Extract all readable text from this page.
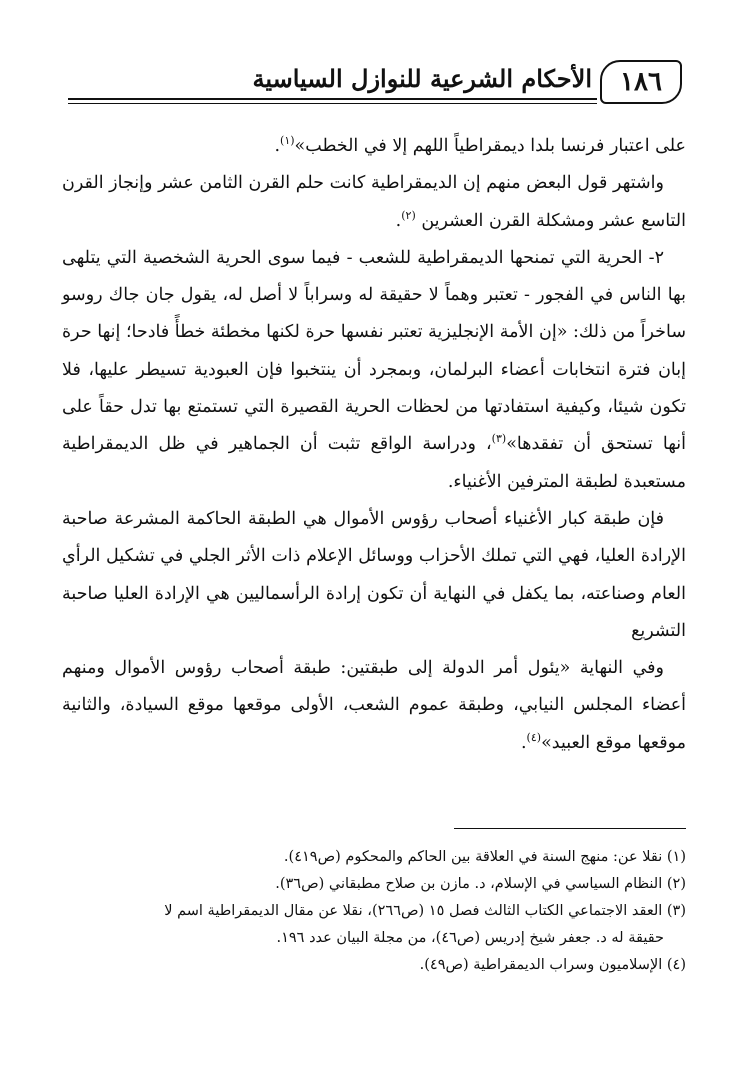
الأحكام الشرعية للنوازل السياسية ١٨٦

على اعتبار فرنسا بلدا ديمقراطياً اللهم إلا في الخطب»$^{(١)}$.

واشتهر قول البعض منهم إن الديمقراطية كانت حلم القرن الثامن عشر وإنجاز القرن التاسع عشر ومشكلة القرن العشرين $^{(٢)}$.

٢- الحرية التي تمنحها الديمقراطية للشعب - فيما سوى الحرية الشخصية التي يتلهى بها الناس في الفجور - تعتبر وهماً لا حقيقة له وسراباً لا أصل له، يقول جان جاك روسو ساخراً من ذلك: «إن الأمة الإنجليزية تعتبر نفسها حرة لكنها مخطئة خطأً فادحا؛ إنها حرة إبان فترة انتخابات أعضاء البرلمان، وبمجرد أن ينتخبوا فإن العبودية تسيطر عليها، فلا تكون شيئا، وكيفية استفادتها من لحظات الحرية القصيرة التي تستمتع بها تدل حقاً على أنها تستحق أن تفقدها»$^{(٣)}$، ودراسة الواقع تثبت أن الجماهير في ظل الديمقراطية مستعبدة لطبقة المترفين الأغنياء.

فإن طبقة كبار الأغنياء أصحاب رؤوس الأموال هي الطبقة الحاكمة المشرعة صاحبة الإرادة العليا، فهي التي تملك الأحزاب ووسائل الإعلام ذات الأثر الجلي في تشكيل الرأي العام وصناعته، بما يكفل في النهاية أن تكون إرادة الرأسماليين هي الإرادة العليا صاحبة التشريع

وفي النهاية «يئول أمر الدولة إلى طبقتين: طبقة أصحاب رؤوس الأموال ومنهم أعضاء المجلس النيابي، وطبقة عموم الشعب، الأولى موقعها موقع السيادة، والثانية موقعها موقع العبيد»$^{(٤)}$.

(١) نقلا عن: منهج السنة في العلاقة بين الحاكم والمحكوم (ص٤١٩).

(٢) النظام السياسي في الإسلام، د. مازن بن صلاح مطبقاني (ص٣٦).

(٣) العقد الاجتماعي الكتاب الثالث فصل ١٥ (ص٢٦٦)، نقلا عن مقال الديمقراطية اسم لا

حقيقة له د. جعفر شيخ إدريس (ص٤٦)، من مجلة البيان عدد ١٩٦.

(٤) الإسلاميون وسراب الديمقراطية (ص٤٩).
